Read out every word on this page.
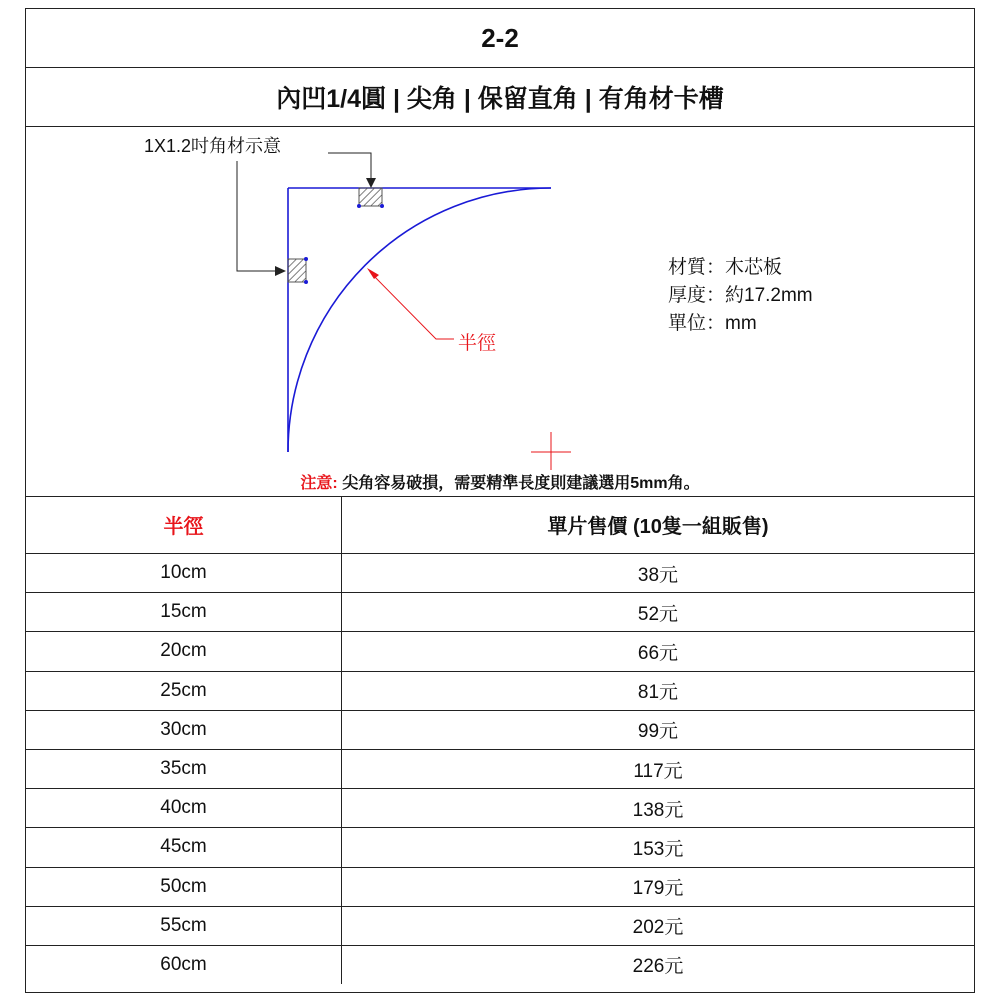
2-2
內凹1/4圓 | 尖角 | 保留直角 | 有角材卡槽
1X1.2吋角材示意
半徑
材質：木芯板
厚度：約17.2mm
單位：mm
注意: 尖角容易破損，需要精準長度則建議選用5mm角。
半徑	單片售價 (10隻一組販售)
10cm	38元
15cm	52元
20cm	66元
25cm	81元
30cm	99元
35cm	117元
40cm	138元
45cm	153元
50cm	179元
55cm	202元
60cm	226元
